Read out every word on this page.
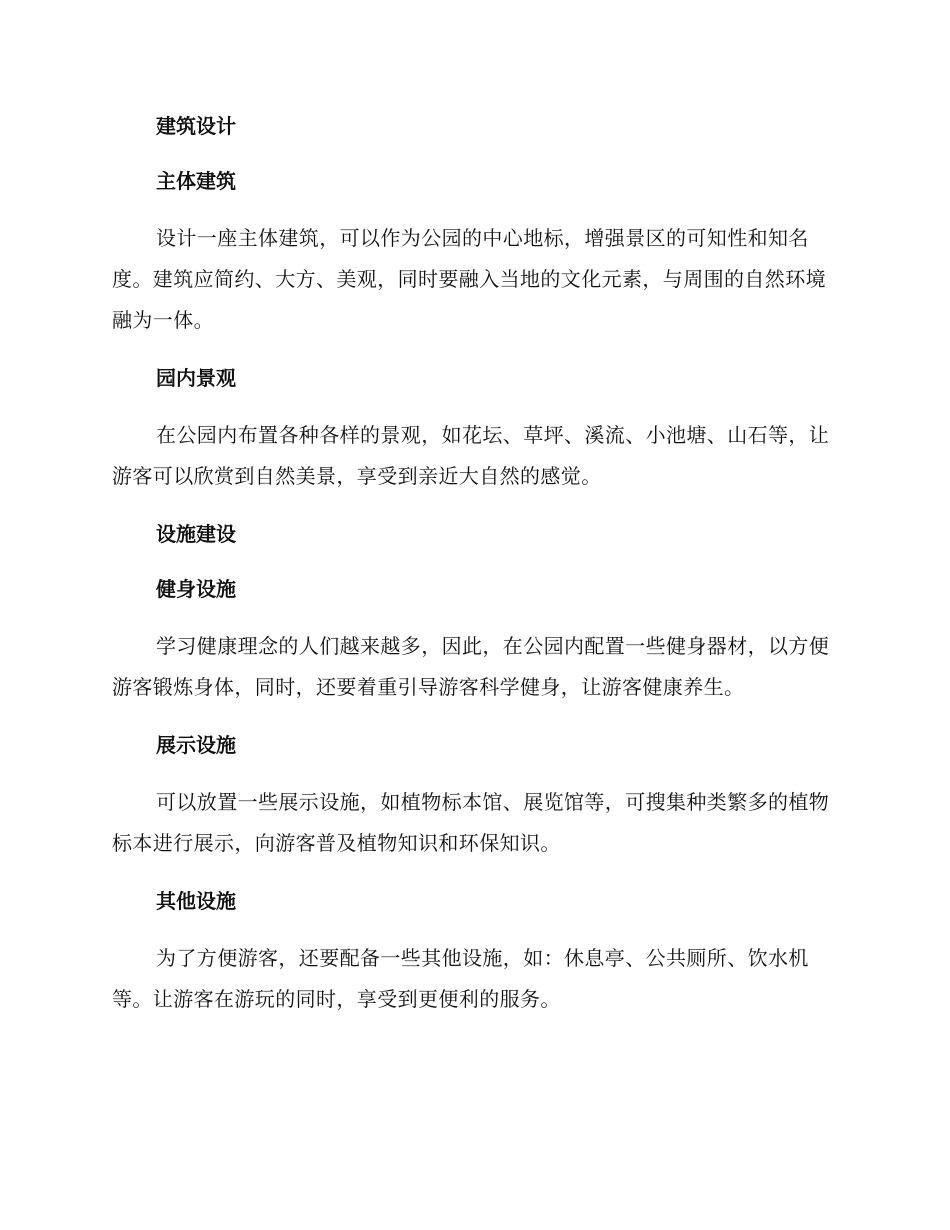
建筑设计
主体建筑

设计一座主体建筑，可以作为公园的中心地标，增强景区的可知性和知名度。建筑应简约、大方、美观，同时要融入当地的文化元素，与周围的自然环境融为一体。

园内景观

在公园内布置各种各样的景观，如花坛、草坪、溪流、小池塘、山石等，让游客可以欣赏到自然美景，享受到亲近大自然的感觉。

设施建设
健身设施

学习健康理念的人们越来越多，因此，在公园内配置一些健身器材，以方便游客锻炼身体，同时，还要着重引导游客科学健身，让游客健康养生。

展示设施

可以放置一些展示设施，如植物标本馆、展览馆等，可搜集种类繁多的植物标本进行展示，向游客普及植物知识和环保知识。

其他设施

为了方便游客，还要配备一些其他设施，如：休息亭、公共厕所、饮水机等。让游客在游玩的同时，享受到更便利的服务。
